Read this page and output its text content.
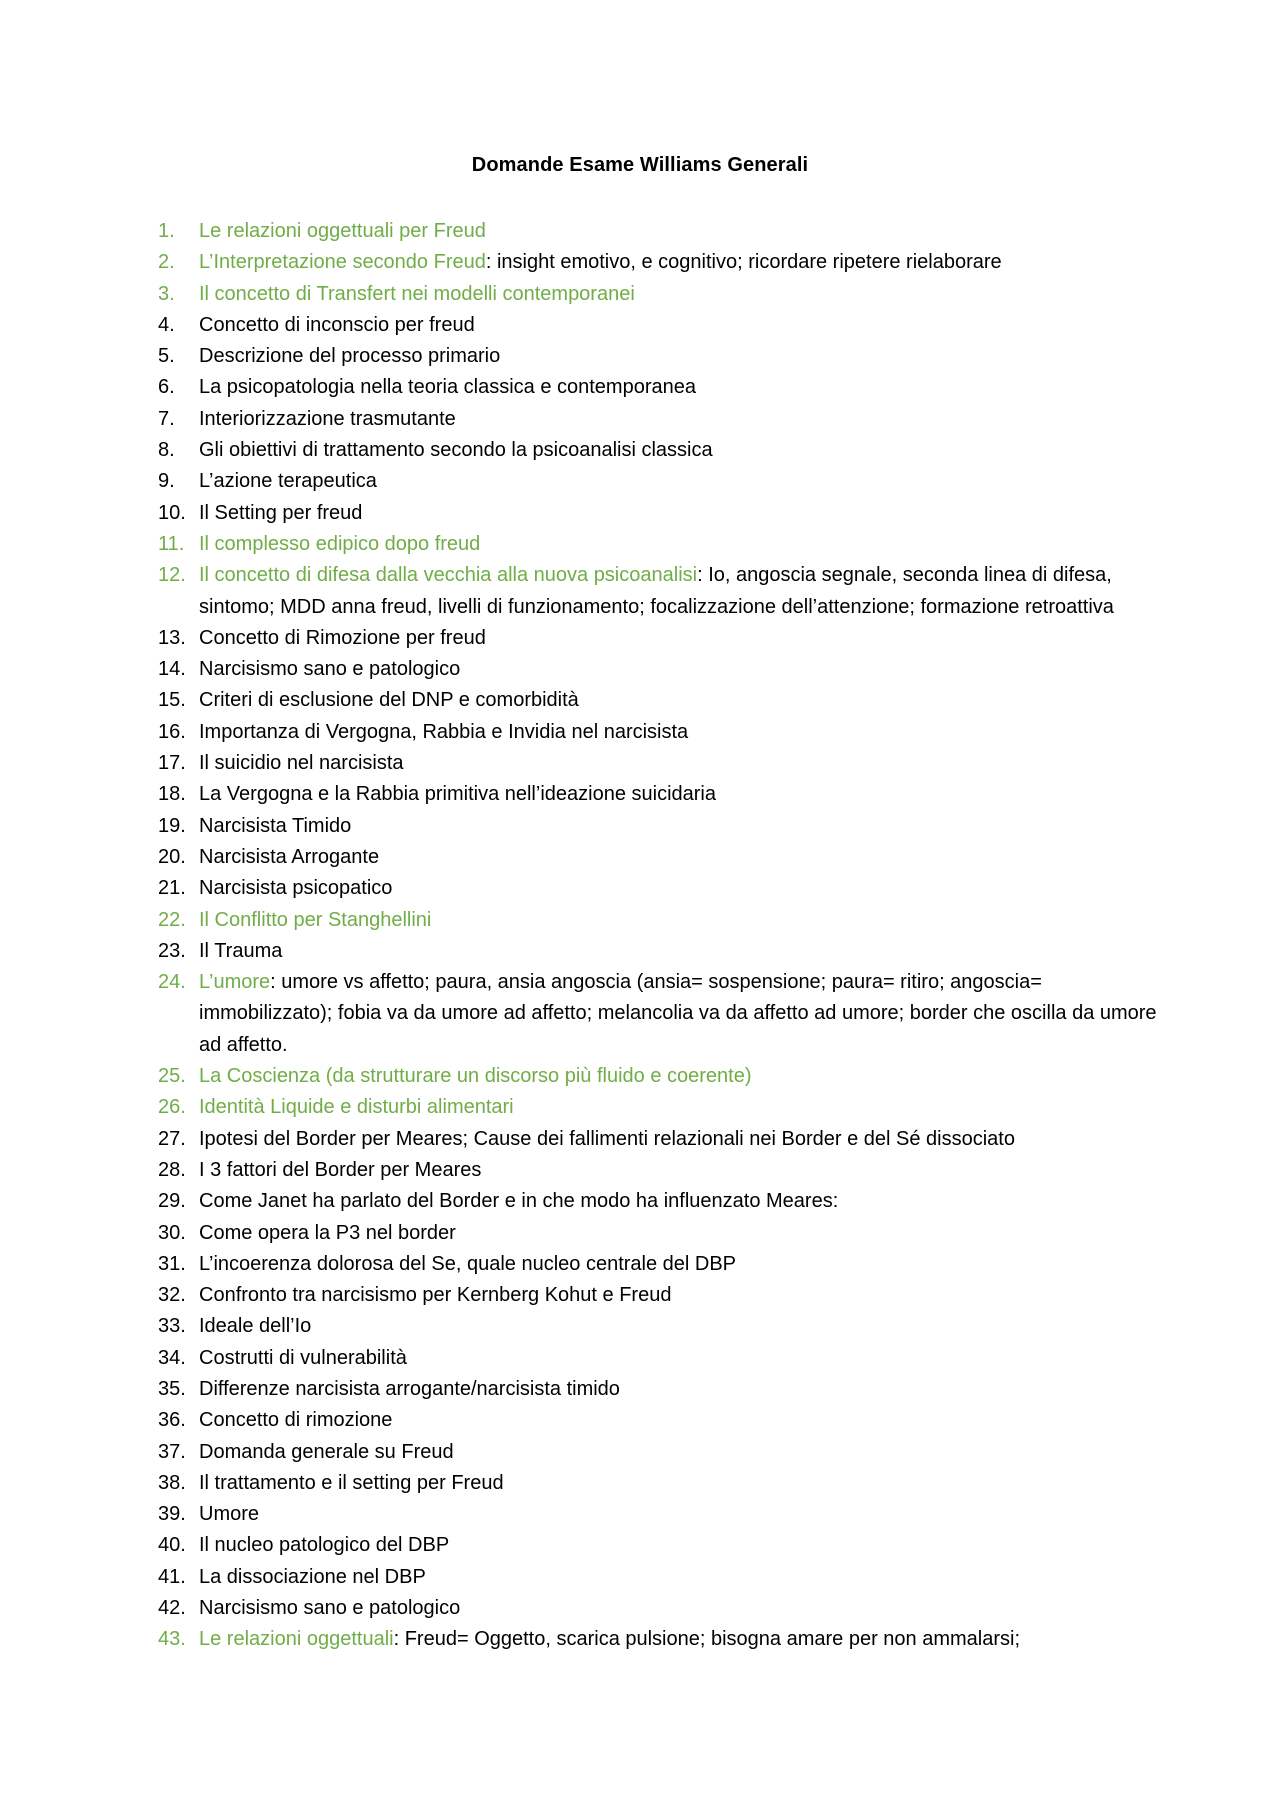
Domande Esame Williams Generali
1. Le relazioni oggettuali per Freud
2. L’Interpretazione secondo Freud: insight emotivo, e cognitivo; ricordare ripetere rielaborare
3. Il concetto di Transfert nei modelli contemporanei
4. Concetto di inconscio per freud
5. Descrizione del processo primario
6. La psicopatologia nella teoria classica e contemporanea
7. Interiorizzazione trasmutante
8. Gli obiettivi di trattamento secondo la psicoanalisi classica
9. L’azione terapeutica
10. Il Setting per freud
11. Il complesso edipico dopo freud
12. Il concetto di difesa dalla vecchia alla nuova psicoanalisi: Io, angoscia segnale, seconda linea di difesa, sintomo; MDD anna freud, livelli di funzionamento; focalizzazione dell’attenzione; formazione retroattiva
13. Concetto di Rimozione per freud
14. Narcisismo sano e patologico
15. Criteri di esclusione del DNP e comorbidità
16. Importanza di Vergogna, Rabbia e Invidia nel narcisista
17. Il suicidio nel narcisista
18. La Vergogna e la Rabbia primitiva nell’ideazione suicidaria
19. Narcisista Timido
20. Narcisista Arrogante
21. Narcisista psicopatico
22. Il Conflitto per Stanghellini
23. Il Trauma
24. L’umore: umore vs affetto; paura, ansia angoscia (ansia= sospensione; paura= ritiro; angoscia= immobilizzato); fobia va da umore ad affetto; melancolia va da affetto ad umore; border che oscilla da umore ad affetto.
25. La Coscienza (da strutturare un discorso più fluido e coerente)
26. Identità Liquide e disturbi alimentari
27. Ipotesi del Border per Meares; Cause dei fallimenti relazionali nei Border e del Sé dissociato
28. I 3 fattori del Border per Meares
29. Come Janet ha parlato del Border e in che modo ha influenzato Meares:
30. Come opera la P3 nel border
31. L’incoerenza dolorosa del Se, quale nucleo centrale del DBP
32. Confronto tra narcisismo per Kernberg Kohut e Freud
33. Ideale dell’Io
34. Costrutti di vulnerabilità
35. Differenze narcisista arrogante/narcisista timido
36. Concetto di rimozione
37. Domanda generale su Freud
38. Il trattamento e il setting per Freud
39. Umore
40. Il nucleo patologico del DBP
41. La dissociazione nel DBP
42. Narcisismo sano e patologico
43. Le relazioni oggettuali: Freud= Oggetto, scarica pulsione; bisogna amare per non ammalarsi;
